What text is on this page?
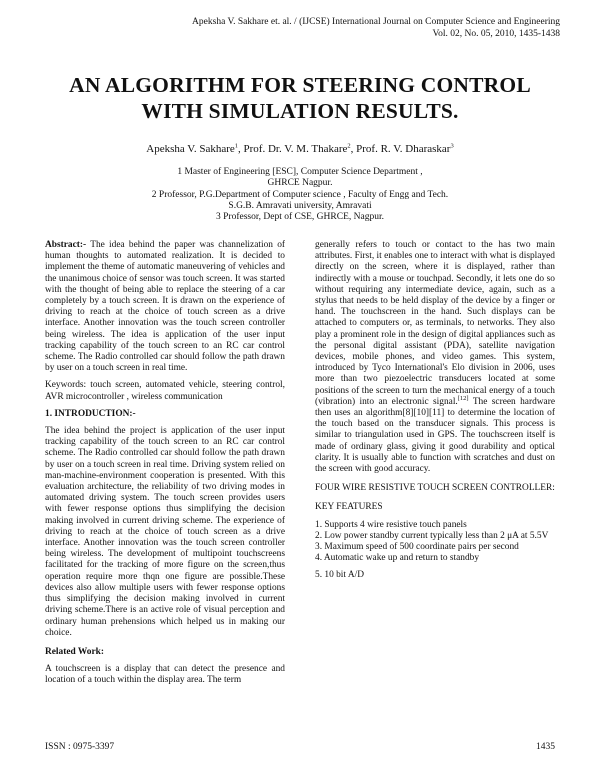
Apeksha V. Sakhare et. al. / (IJCSE) International Journal on Computer Science and Engineering
Vol. 02, No. 05, 2010, 1435-1438
AN ALGORITHM FOR STEERING CONTROL
WITH SIMULATION RESULTS.
Apeksha V. Sakhare$^1$, Prof. Dr. V. M. Thakare$^2$, Prof. R. V. Dharaskar$^3$
1 Master of Engineering [ESC], Computer Science Department ,
GHRCE Nagpur.
2 Professor, P.G.Department of Computer science , Faculty of Engg and Tech.
S.G.B. Amravati university, Amravati
3 Professor, Dept of CSE, GHRCE, Nagpur.

Abstract:- The idea behind the paper was channelization of human thoughts to automated realization. It is decided to implement the theme of automatic maneuvering of vehicles and the unanimous choice of sensor was touch screen. It was started with the thought of being able to replace the steering of a car completely by a touch screen. It is drawn on the experience of driving to reach at the choice of touch screen as a drive interface. Another innovation was the touch screen controller being wireless. The idea is application of the user input tracking capability of the touch screen to an RC car control scheme. The Radio controlled car should follow the path drawn by user on a touch screen in real time.

Keywords: touch screen, automated vehicle, steering control, AVR microcontroller , wireless communication

1. INTRODUCTION:-

The idea behind the project is application of the user input tracking capability of the touch screen to an RC car control scheme. The Radio controlled car should follow the path drawn by user on a touch screen in real time. Driving system relied on man-machine-environment cooperation is presented. With this evaluation architecture, the reliability of two driving modes in automated driving system. The touch screen provides users with fewer response options thus simplifying the decision making involved in current driving scheme. The experience of driving to reach at the choice of touch screen as a drive interface. Another innovation was the touch screen controller being wireless. The development of multipoint touchscreens facilitated for the tracking of more figure on the screen,thus operation require more thqn one figure are possible.These devices also allow multiple users with fewer response options thus simplifying the decision making involved in current driving scheme.There is an active role of visual perception and ordinary human prehensions which helped us in making our choice.

Related Work:

A touchscreen is a display that can detect the presence and location of a touch within the display area. The term

generally refers to touch or contact to the has two main attributes. First, it enables one to interact with what is displayed directly on the screen, where it is displayed, rather than indirectly with a mouse or touchpad. Secondly, it lets one do so without requiring any intermediate device, again, such as a stylus that needs to be held display of the device by a finger or hand. The touchscreen in the hand. Such displays can be attached to computers or, as terminals, to networks. They also play a prominent role in the design of digital appliances such as the personal digital assistant (PDA), satellite navigation devices, mobile phones, and video games. This system, introduced by Tyco International's Elo division in 2006, uses more than two piezoelectric transducers located at some positions of the screen to turn the mechanical energy of a touch (vibration) into an electronic signal.[12] The screen hardware then uses an algorithm[8][10][11] to determine the location of the touch based on the transducer signals. This process is similar to triangulation used in GPS. The touchscreen itself is made of ordinary glass, giving it good durability and optical clarity. It is usually able to function with scratches and dust on the screen with good accuracy.

FOUR WIRE RESISTIVE TOUCH SCREEN CONTROLLER:

KEY FEATURES

1. Supports 4 wire resistive touch panels
2. Low power standby current typically less than 2 μA at 5.5V
3. Maximum speed of 500 coordinate pairs per second
4. Automatic wake up and return to standby
5. 10 bit A/D
ISSN : 0975-3397	1435
